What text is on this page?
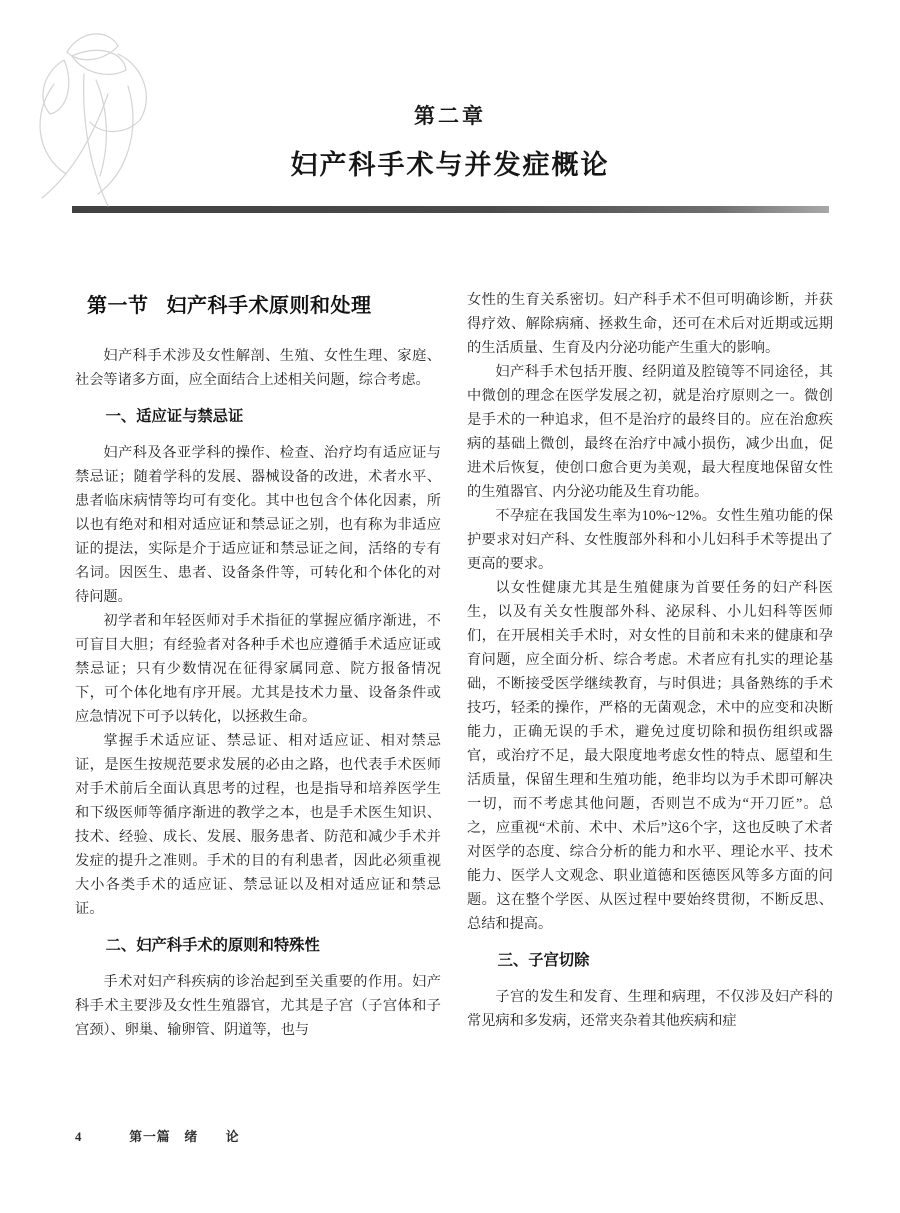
第二章
妇产科手术与并发症概论
第一节 妇产科手术原则和处理

妇产科手术涉及女性解剖、生殖、女性生理、家庭、社会等诸多方面，应全面结合上述相关问题，综合考虑。

一、适应证与禁忌证

妇产科及各亚学科的操作、检查、治疗均有适应证与禁忌证；随着学科的发展、器械设备的改进，术者水平、患者临床病情等均可有变化。其中也包含个体化因素，所以也有绝对和相对适应证和禁忌证之别，也有称为非适应证的提法，实际是介于适应证和禁忌证之间，活络的专有名词。因医生、患者、设备条件等，可转化和个体化的对待问题。

初学者和年轻医师对手术指征的掌握应循序渐进，不可盲目大胆；有经验者对各种手术也应遵循手术适应证或禁忌证；只有少数情况在征得家属同意、院方报备情况下，可个体化地有序开展。尤其是技术力量、设备条件或应急情况下可予以转化，以拯救生命。

掌握手术适应证、禁忌证、相对适应证、相对禁忌证，是医生按规范要求发展的必由之路，也代表手术医师对手术前后全面认真思考的过程，也是指导和培养医学生和下级医师等循序渐进的教学之本，也是手术医生知识、技术、经验、成长、发展、服务患者、防范和减少手术并发症的提升之准则。手术的目的有利患者，因此必须重视大小各类手术的适应证、禁忌证以及相对适应证和禁忌证。

二、妇产科手术的原则和特殊性

手术对妇产科疾病的诊治起到至关重要的作用。妇产科手术主要涉及女性生殖器官，尤其是子宫（子宫体和子宫颈）、卵巢、输卵管、阴道等，也与

女性的生育关系密切。妇产科手术不但可明确诊断，并获得疗效、解除病痛、拯救生命，还可在术后对近期或远期的生活质量、生育及内分泌功能产生重大的影响。

妇产科手术包括开腹、经阴道及腔镜等不同途径，其中微创的理念在医学发展之初，就是治疗原则之一。微创是手术的一种追求，但不是治疗的最终目的。应在治愈疾病的基础上微创，最终在治疗中减小损伤，减少出血，促进术后恢复，使创口愈合更为美观，最大程度地保留女性的生殖器官、内分泌功能及生育功能。

不孕症在我国发生率为10%~12%。女性生殖功能的保护要求对妇产科、女性腹部外科和小儿妇科手术等提出了更高的要求。

以女性健康尤其是生殖健康为首要任务的妇产科医生，以及有关女性腹部外科、泌尿科、小儿妇科等医师们，在开展相关手术时，对女性的目前和未来的健康和孕育问题，应全面分析、综合考虑。术者应有扎实的理论基础，不断接受医学继续教育，与时俱进；具备熟练的手术技巧，轻柔的操作，严格的无菌观念，术中的应变和决断能力，正确无误的手术，避免过度切除和损伤组织或器官，或治疗不足，最大限度地考虑女性的特点、愿望和生活质量，保留生理和生殖功能，绝非均以为手术即可解决一切，而不考虑其他问题，否则岂不成为“开刀匠”。总之，应重视“术前、术中、术后”这6个字，这也反映了术者对医学的态度、综合分析的能力和水平、理论水平、技术能力、医学人文观念、职业道德和医德医风等多方面的问题。这在整个学医、从医过程中要始终贯彻，不断反思、总结和提高。

三、子宫切除

子宫的发生和发育、生理和病理，不仅涉及妇产科的常见病和多发病，还常夹杂着其他疾病和症

4	第一篇　绪　　论
